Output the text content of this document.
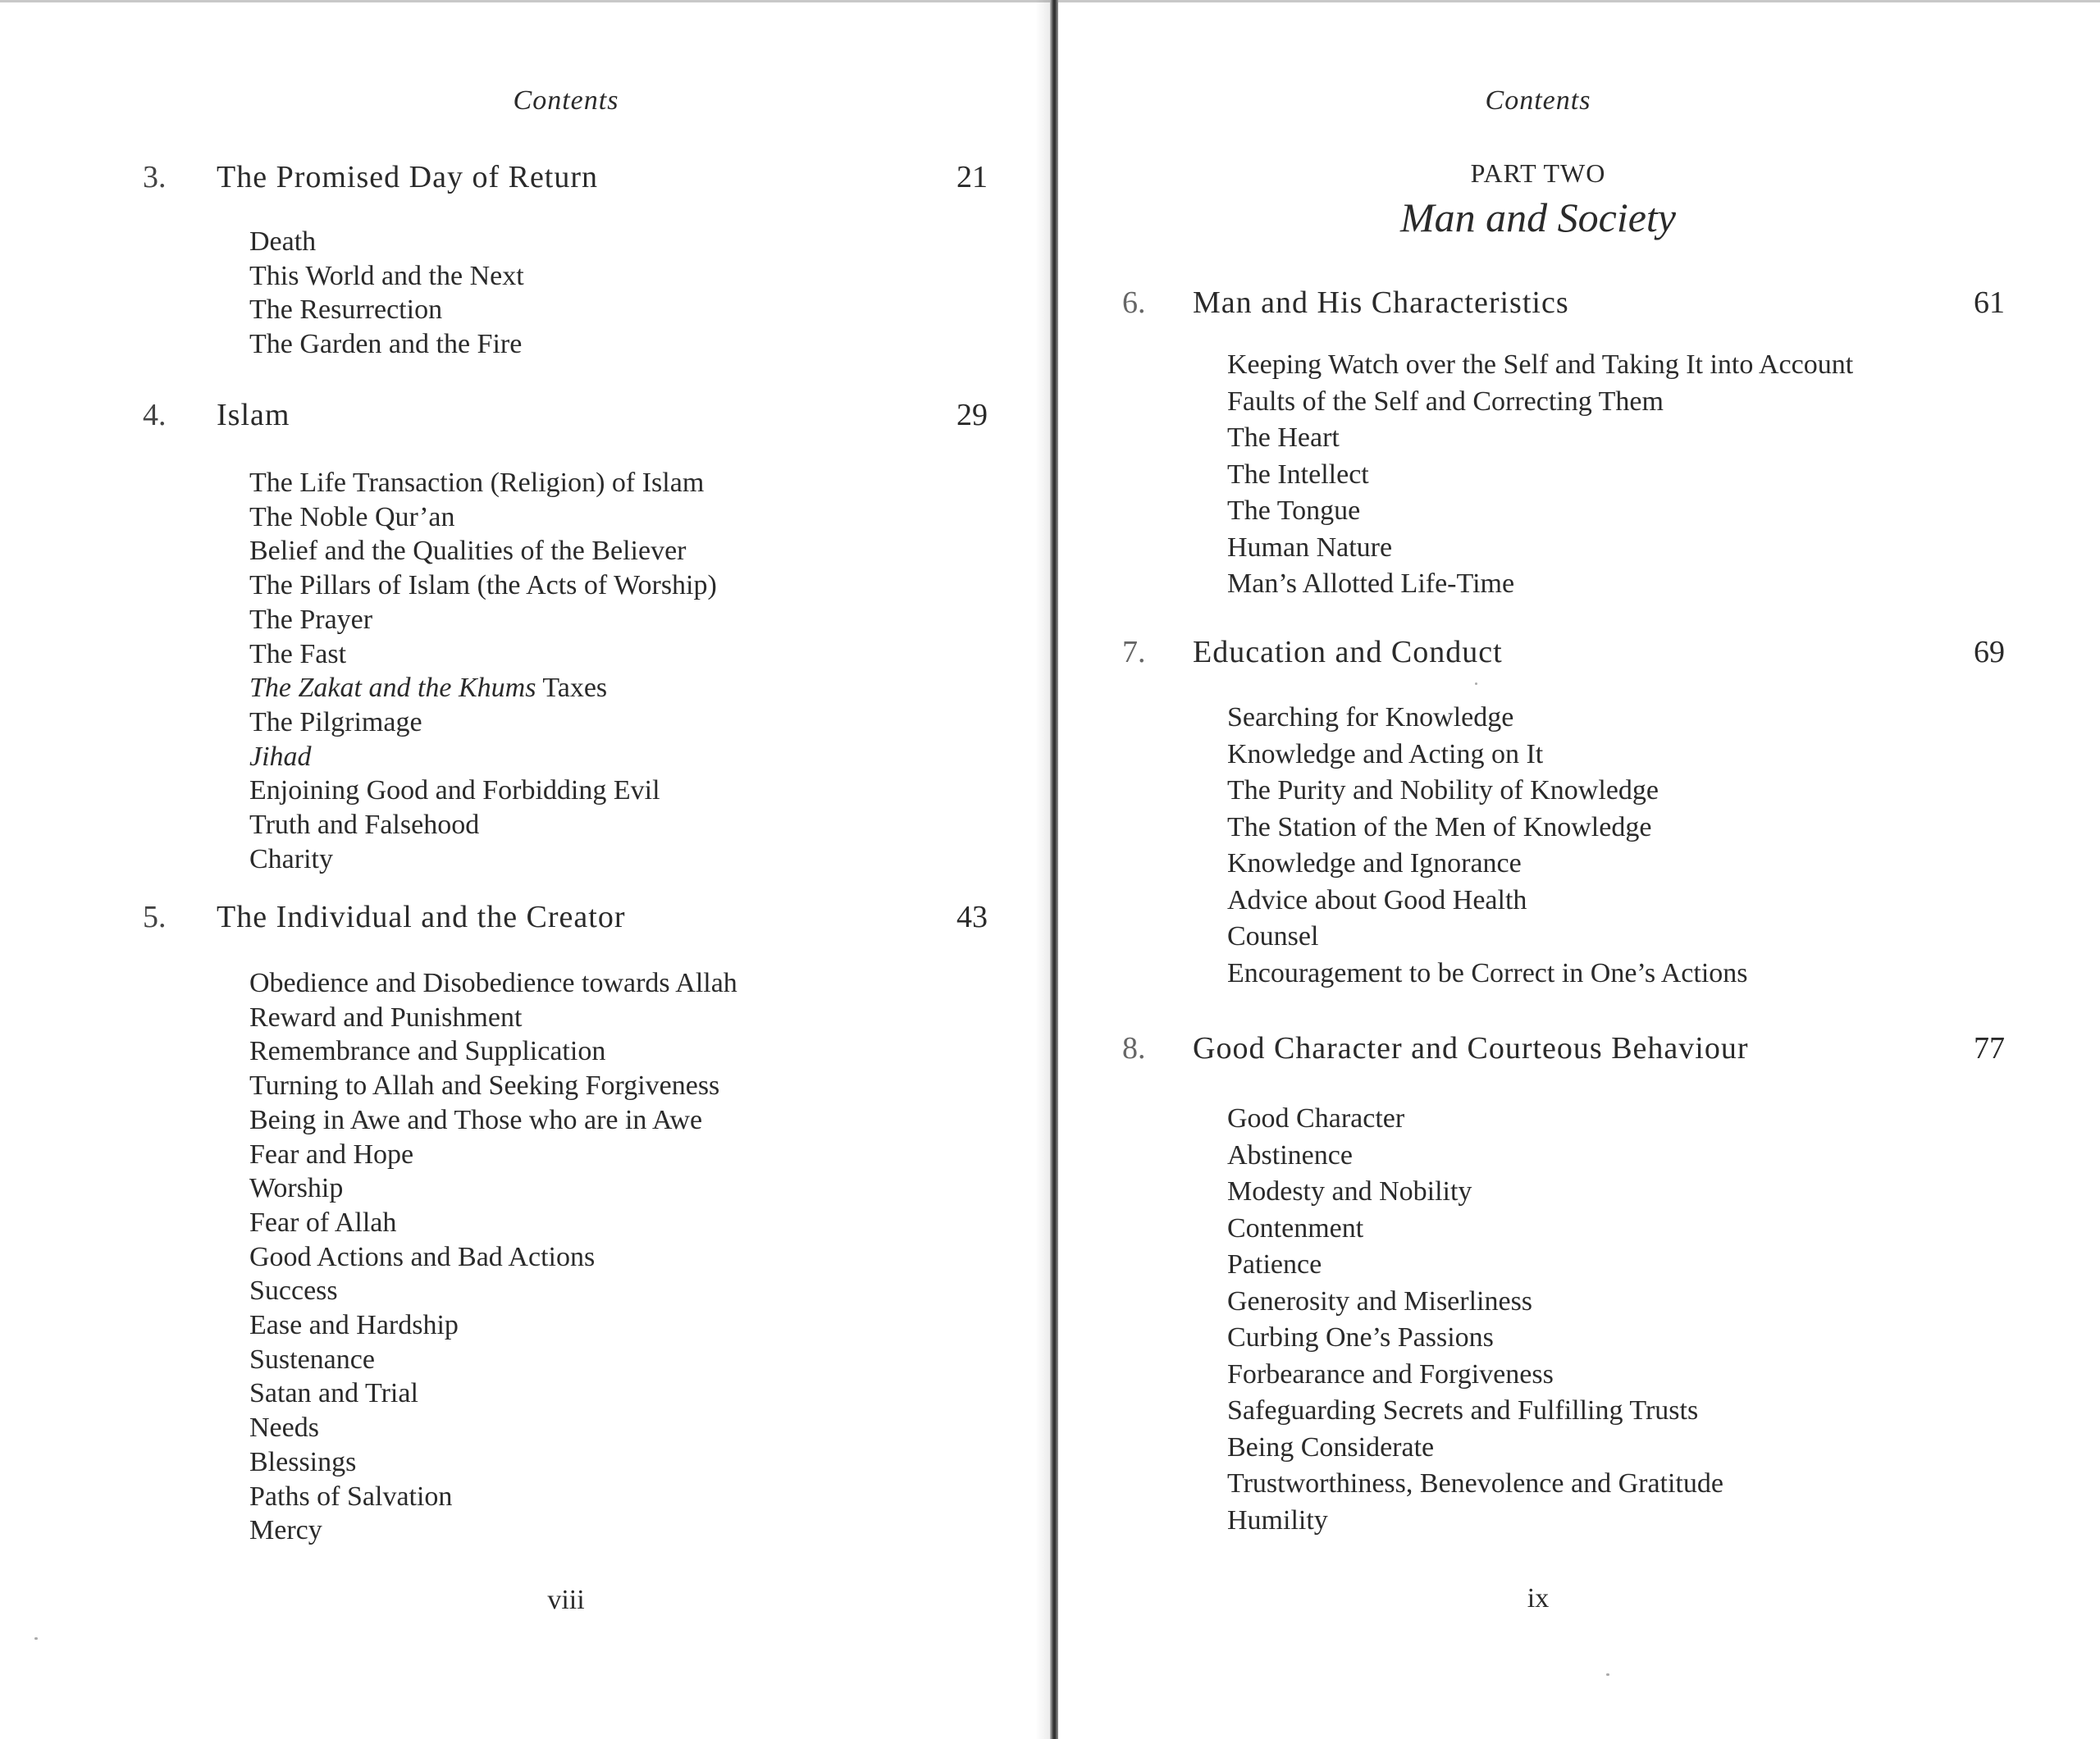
Contents
3. The Promised Day of Return	21
Death
This World and the Next
The Resurrection
The Garden and the Fire
4. Islam	29
The Life Transaction (Religion) of Islam
The Noble Qur’an
Belief and the Qualities of the Believer
The Pillars of Islam (the Acts of Worship)
The Prayer
The Fast
The Zakat and the Khums Taxes
The Pilgrimage
Jihad
Enjoining Good and Forbidding Evil
Truth and Falsehood
Charity
5. The Individual and the Creator	43
Obedience and Disobedience towards Allah
Reward and Punishment
Remembrance and Supplication
Turning to Allah and Seeking Forgiveness
Being in Awe and Those who are in Awe
Fear and Hope
Worship
Fear of Allah
Good Actions and Bad Actions
Success
Ease and Hardship
Sustenance
Satan and Trial
Needs
Blessings
Paths of Salvation
Mercy
viii
Contents
PART TWO
Man and Society
6. Man and His Characteristics	61
Keeping Watch over the Self and Taking It into Account
Faults of the Self and Correcting Them
The Heart
The Intellect
The Tongue
Human Nature
Man’s Allotted Life-Time
7. Education and Conduct	69
Searching for Knowledge
Knowledge and Acting on It
The Purity and Nobility of Knowledge
The Station of the Men of Knowledge
Knowledge and Ignorance
Advice about Good Health
Counsel
Encouragement to be Correct in One’s Actions
8. Good Character and Courteous Behaviour	77
Good Character
Abstinence
Modesty and Nobility
Contenment
Patience
Generosity and Miserliness
Curbing One’s Passions
Forbearance and Forgiveness
Safeguarding Secrets and Fulfilling Trusts
Being Considerate
Trustworthiness, Benevolence and Gratitude
Humility
ix
